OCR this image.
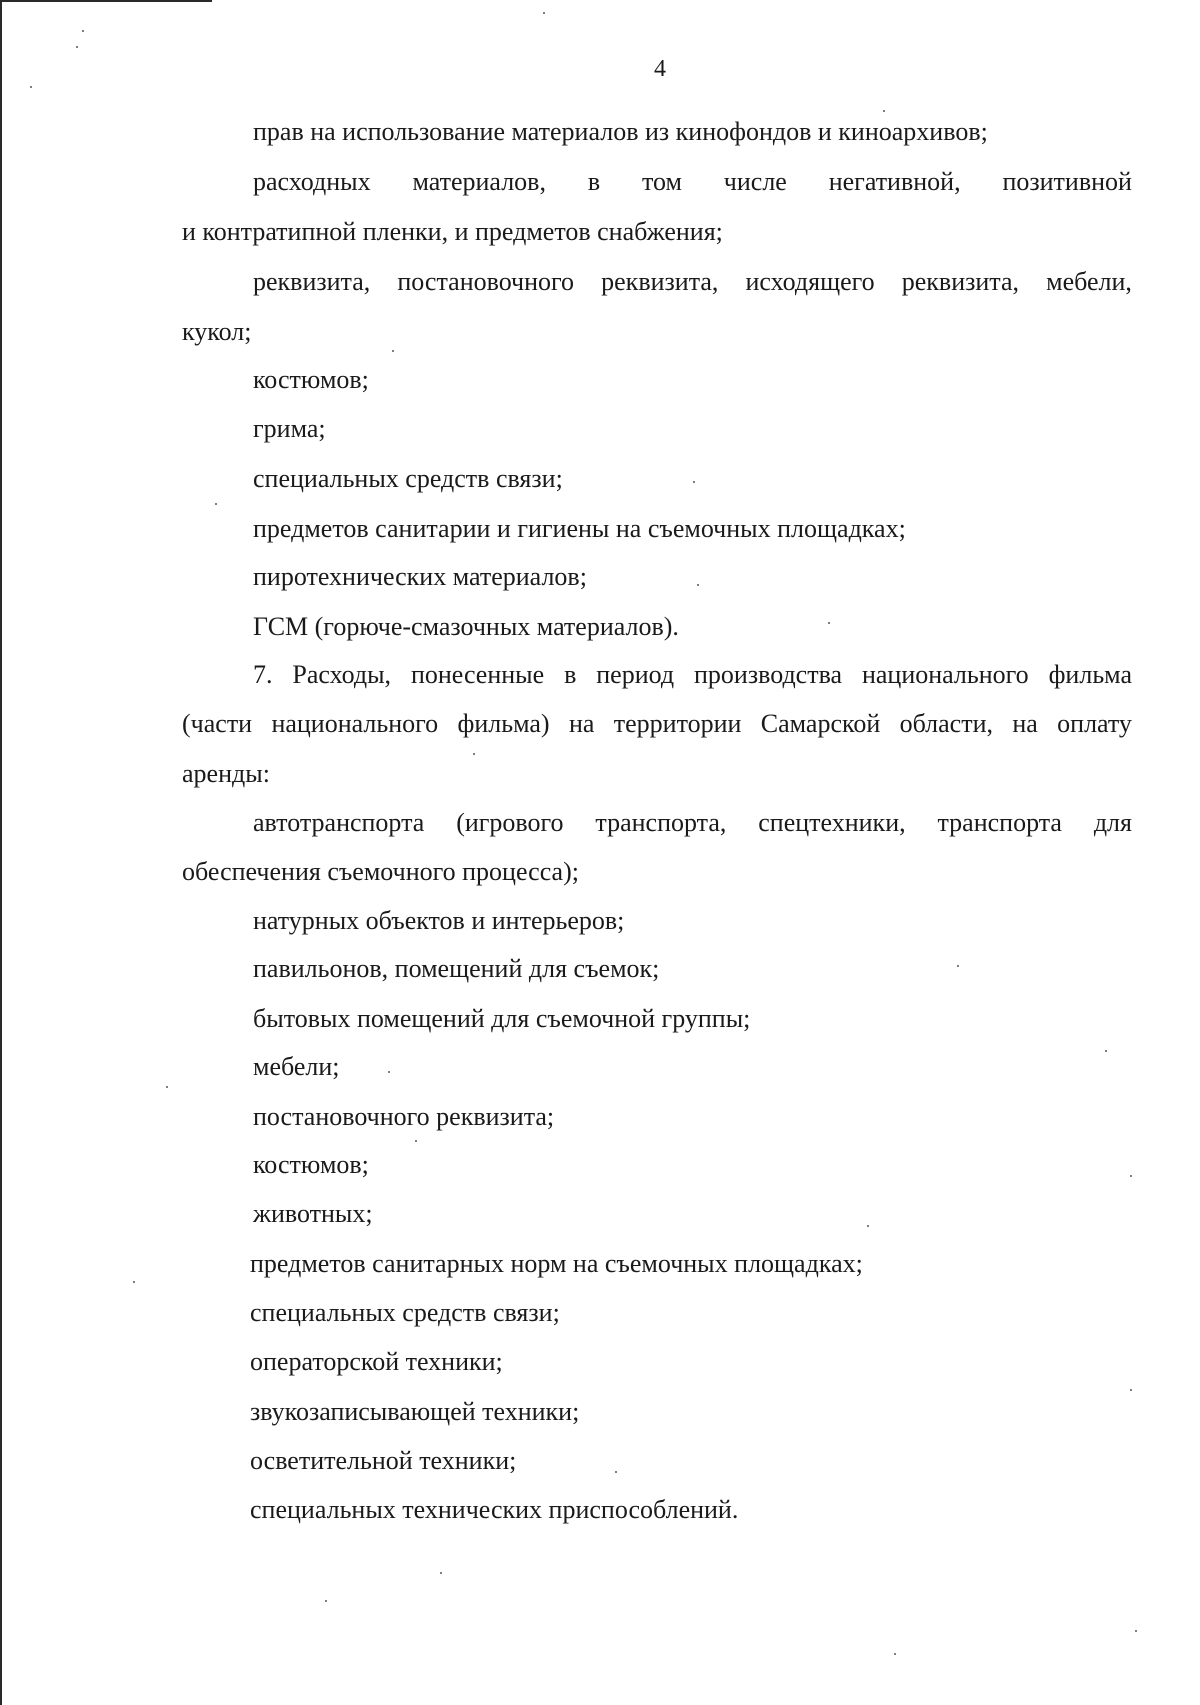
4
прав на использование материалов из кинофондов и киноархивов;
расходных материалов, в том числе негативной, позитивной
и контратипной пленки, и предметов снабжения;
реквизита, постановочного реквизита, исходящего реквизита, мебели,
кукол;
костюмов;
грима;
специальных средств связи;
предметов санитарии и гигиены на съемочных площадках;
пиротехнических материалов;
ГСМ (горюче-смазочных материалов).
7. Расходы, понесенные в период производства национального фильма
(части национального фильма) на территории Самарской области, на оплату
аренды:
автотранспорта (игрового транспорта, спецтехники, транспорта для
обеспечения съемочного процесса);
натурных объектов и интерьеров;
павильонов, помещений для съемок;
бытовых помещений для съемочной группы;
мебели;
постановочного реквизита;
костюмов;
животных;
предметов санитарных норм на съемочных площадках;
специальных средств связи;
операторской техники;
звукозаписывающей техники;
осветительной техники;
специальных технических приспособлений.
